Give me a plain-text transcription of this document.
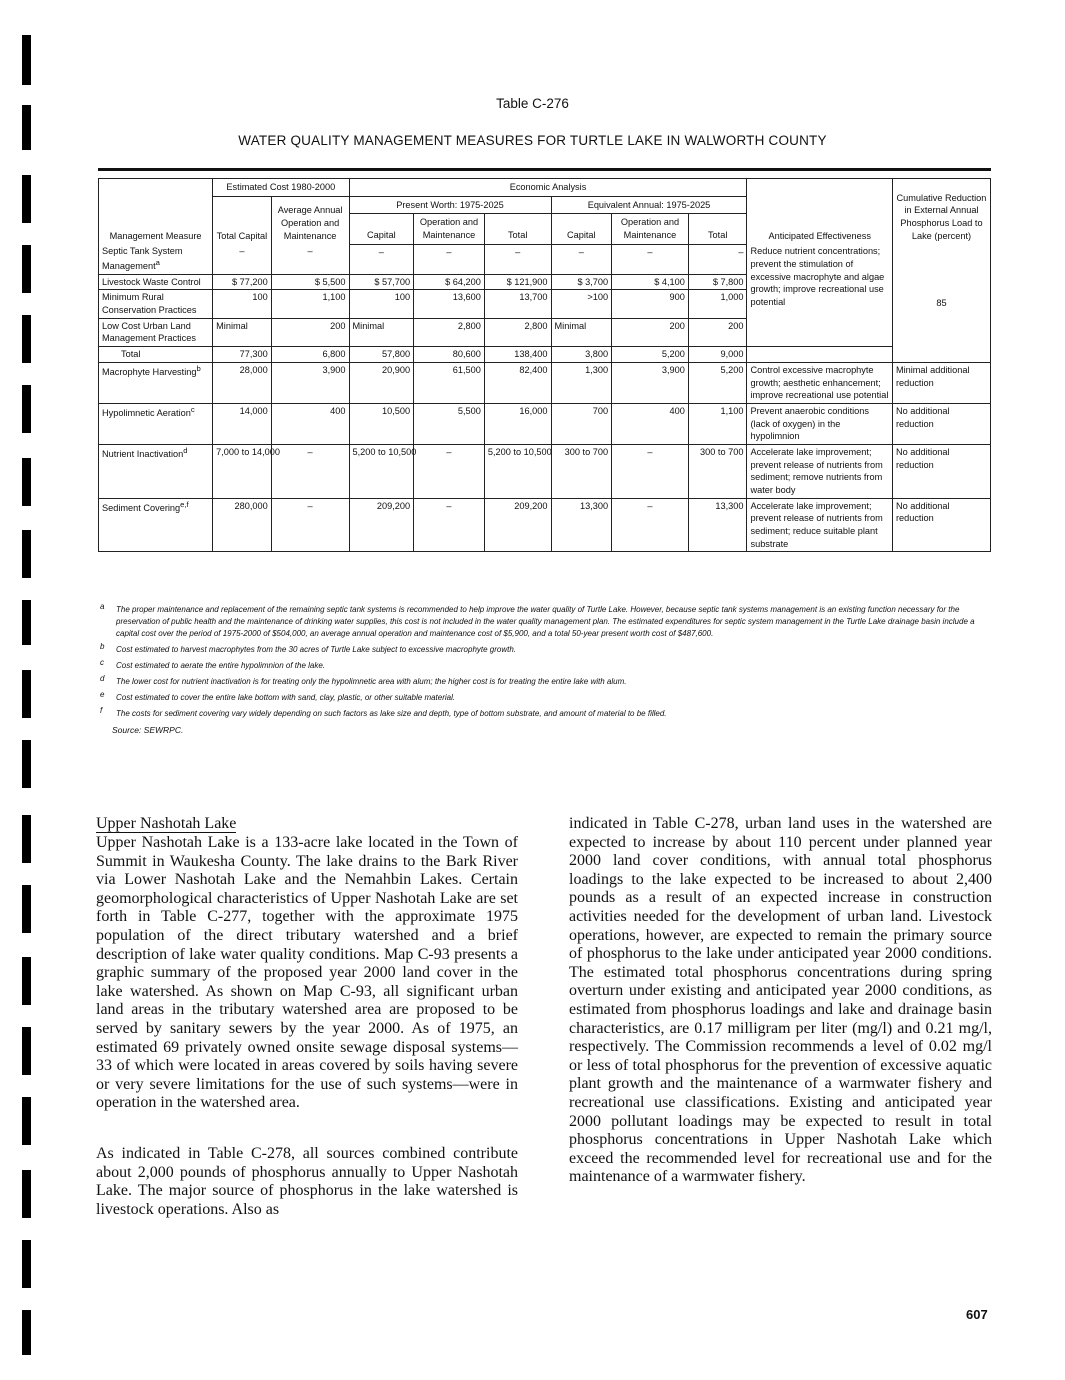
Table C-276
WATER QUALITY MANAGEMENT MEASURES FOR TURTLE LAKE IN WALWORTH COUNTY
Management Measure	Estimated Cost 1980-2000		Economic Analysis						Anticipated Effectiveness	Cumulative Reduction in External Annual Phosphorus Load to Lake (percent)
	Total Capital	Average Annual Operation and Maintenance	Present Worth: 1975-2025			Equivalent Annual: 1975-2025				
			Capital	Operation and Maintenance	Total	Capital	Operation and Maintenance	Total		
Septic Tank System Management$^a$	–	–	–	–	–	–	–	–	Reduce nutrient concentrations; prevent the stimulation of excessive macrophyte and algae growth; improve recreational use potential	85
Livestock Waste Control	$ 77,200	$ 5,500	$ 57,700	$ 64,200	$ 121,900	$ 3,700	$ 4,100	$ 7,800		
Minimum Rural Conservation Practices	100	1,100	100	13,600	13,700	>100	900	1,000		
Low Cost Urban Land Management Practices	Minimal	200	Minimal	2,800	2,800	Minimal	200	200		
Total	77,300	6,800	57,800	80,600	138,400	3,800	5,200	9,000		
Macrophyte Harvesting$^b$	28,000	3,900	20,900	61,500	82,400	1,300	3,900	5,200	Control excessive macrophyte growth; aesthetic enhancement; improve recreational use potential	Minimal additional reduction
Hypolimnetic Aeration$^c$	14,000	400	10,500	5,500	16,000	700	400	1,100	Prevent anaerobic conditions (lack of oxygen) in the hypolimnion	No additional reduction
Nutrient Inactivation$^d$	7,000 to 14,000	–	5,200 to 10,500	–	5,200 to 10,500	300 to 700	–	300 to 700	Accelerate lake improvement; prevent release of nutrients from sediment; remove nutrients from water body	No additional reduction
Sediment Covering$^{e,f}$	280,000	–	209,200	–	209,200	13,300	–	13,300	Accelerate lake improvement; prevent release of nutrients from sediment; reduce suitable plant substrate	No additional reduction
a The proper maintenance and replacement of the remaining septic tank systems is recommended to help improve the water quality of Turtle Lake. However, because septic tank systems management is an existing function necessary for the preservation of public health and the maintenance of drinking water supplies, this cost is not included in the water quality management plan. The estimated expenditures for septic system management in the Turtle Lake drainage basin include a capital cost over the period of 1975-2000 of $504,000, an average annual operation and maintenance cost of $5,900, and a total 50-year present worth cost of $487,600.
b Cost estimated to harvest macrophytes from the 30 acres of Turtle Lake subject to excessive macrophyte growth.
c Cost estimated to aerate the entire hypolimnion of the lake.
d The lower cost for nutrient inactivation is for treating only the hypolimnetic area with alum; the higher cost is for treating the entire lake with alum.
e Cost estimated to cover the entire lake bottom with sand, clay, plastic, or other suitable material.
f The costs for sediment covering vary widely depending on such factors as lake size and depth, type of bottom substrate, and amount of material to be filled.
Source: SEWRPC.
Upper Nashotah Lake

Upper Nashotah Lake is a 133-acre lake located in the Town of Summit in Waukesha County. The lake drains to the Bark River via Lower Nashotah Lake and the Nemahbin Lakes. Certain geomorphological characteristics of Upper Nashotah Lake are set forth in Table C-277, together with the approximate 1975 population of the direct tributary watershed and a brief description of lake water quality conditions. Map C-93 presents a graphic summary of the proposed year 2000 land cover in the lake watershed. As shown on Map C-93, all significant urban land areas in the tributary watershed area are proposed to be served by sanitary sewers by the year 2000. As of 1975, an estimated 69 privately owned onsite sewage disposal systems—33 of which were located in areas covered by soils having severe or very severe limitations for the use of such systems—were in operation in the watershed area.

As indicated in Table C-278, all sources combined contribute about 2,000 pounds of phosphorus annually to Upper Nashotah Lake. The major source of phosphorus in the lake watershed is livestock operations. Also as

indicated in Table C-278, urban land uses in the watershed are expected to increase by about 110 percent under planned year 2000 land cover conditions, with annual total phosphorus loadings to the lake expected to be increased to about 2,400 pounds as a result of an expected increase in construction activities needed for the development of urban land. Livestock operations, however, are expected to remain the primary source of phosphorus to the lake under anticipated year 2000 conditions. The estimated total phosphorus concentrations during spring overturn under existing and anticipated year 2000 conditions, as estimated from phosphorus loadings and lake and drainage basin characteristics, are 0.17 milligram per liter (mg/l) and 0.21 mg/l, respectively. The Commission recommends a level of 0.02 mg/l or less of total phosphorus for the prevention of excessive aquatic plant growth and the maintenance of a warmwater fishery and recreational use classifications. Existing and anticipated year 2000 pollutant loadings may be expected to result in total phosphorus concentrations in Upper Nashotah Lake which exceed the recommended level for recreational use and for the maintenance of a warmwater fishery.

607
